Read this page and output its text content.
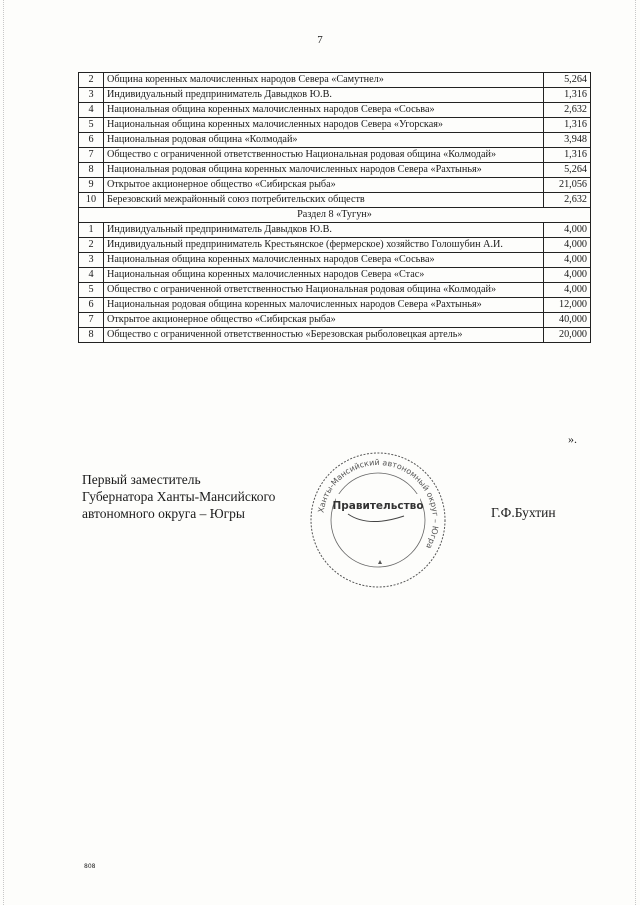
7
2	Община коренных малочисленных народов Севера «Самутнел»	5,264
3	Индивидуальный предприниматель Давыдков Ю.В.	1,316
4	Национальная община коренных малочисленных народов Севера «Сосьва»	2,632
5	Национальная община коренных малочисленных народов Севера «Угорская»	1,316
6	Национальная родовая община «Колмодай»	3,948
7	Общество с ограниченной ответственностью Национальная родовая община «Колмодай»	1,316
8	Национальная родовая община коренных малочисленных народов Севера «Рахтынья»	5,264
9	Открытое акционерное общество «Сибирская рыба»	21,056
10	Березовский межрайонный союз потребительских обществ	2,632
Раздел 8 «Тугун»		
1	Индивидуальный предприниматель Давыдков Ю.В.	4,000
2	Индивидуальный предприниматель Крестьянское (фермерское) хозяйство Голошубин А.И.	4,000
3	Национальная община коренных малочисленных народов Севера «Сосьва»	4,000
4	Национальная община коренных малочисленных народов Севера «Стас»	4,000
5	Общество с ограниченной ответственностью Национальная родовая община «Колмодай»	4,000
6	Национальная родовая община коренных малочисленных народов Севера «Рахтынья»	12,000
7	Открытое акционерное общество «Сибирская рыба»	40,000
8	Общество с ограниченной ответственностью «Березовская рыболовецкая артель»	20,000
».
Первый заместитель
Губернатора Ханты-Мансийского
автономного округа – Югры	Ханты-Мансийский автономный округ – Югра
Правительство	Г.Ф.Бухтин
808
